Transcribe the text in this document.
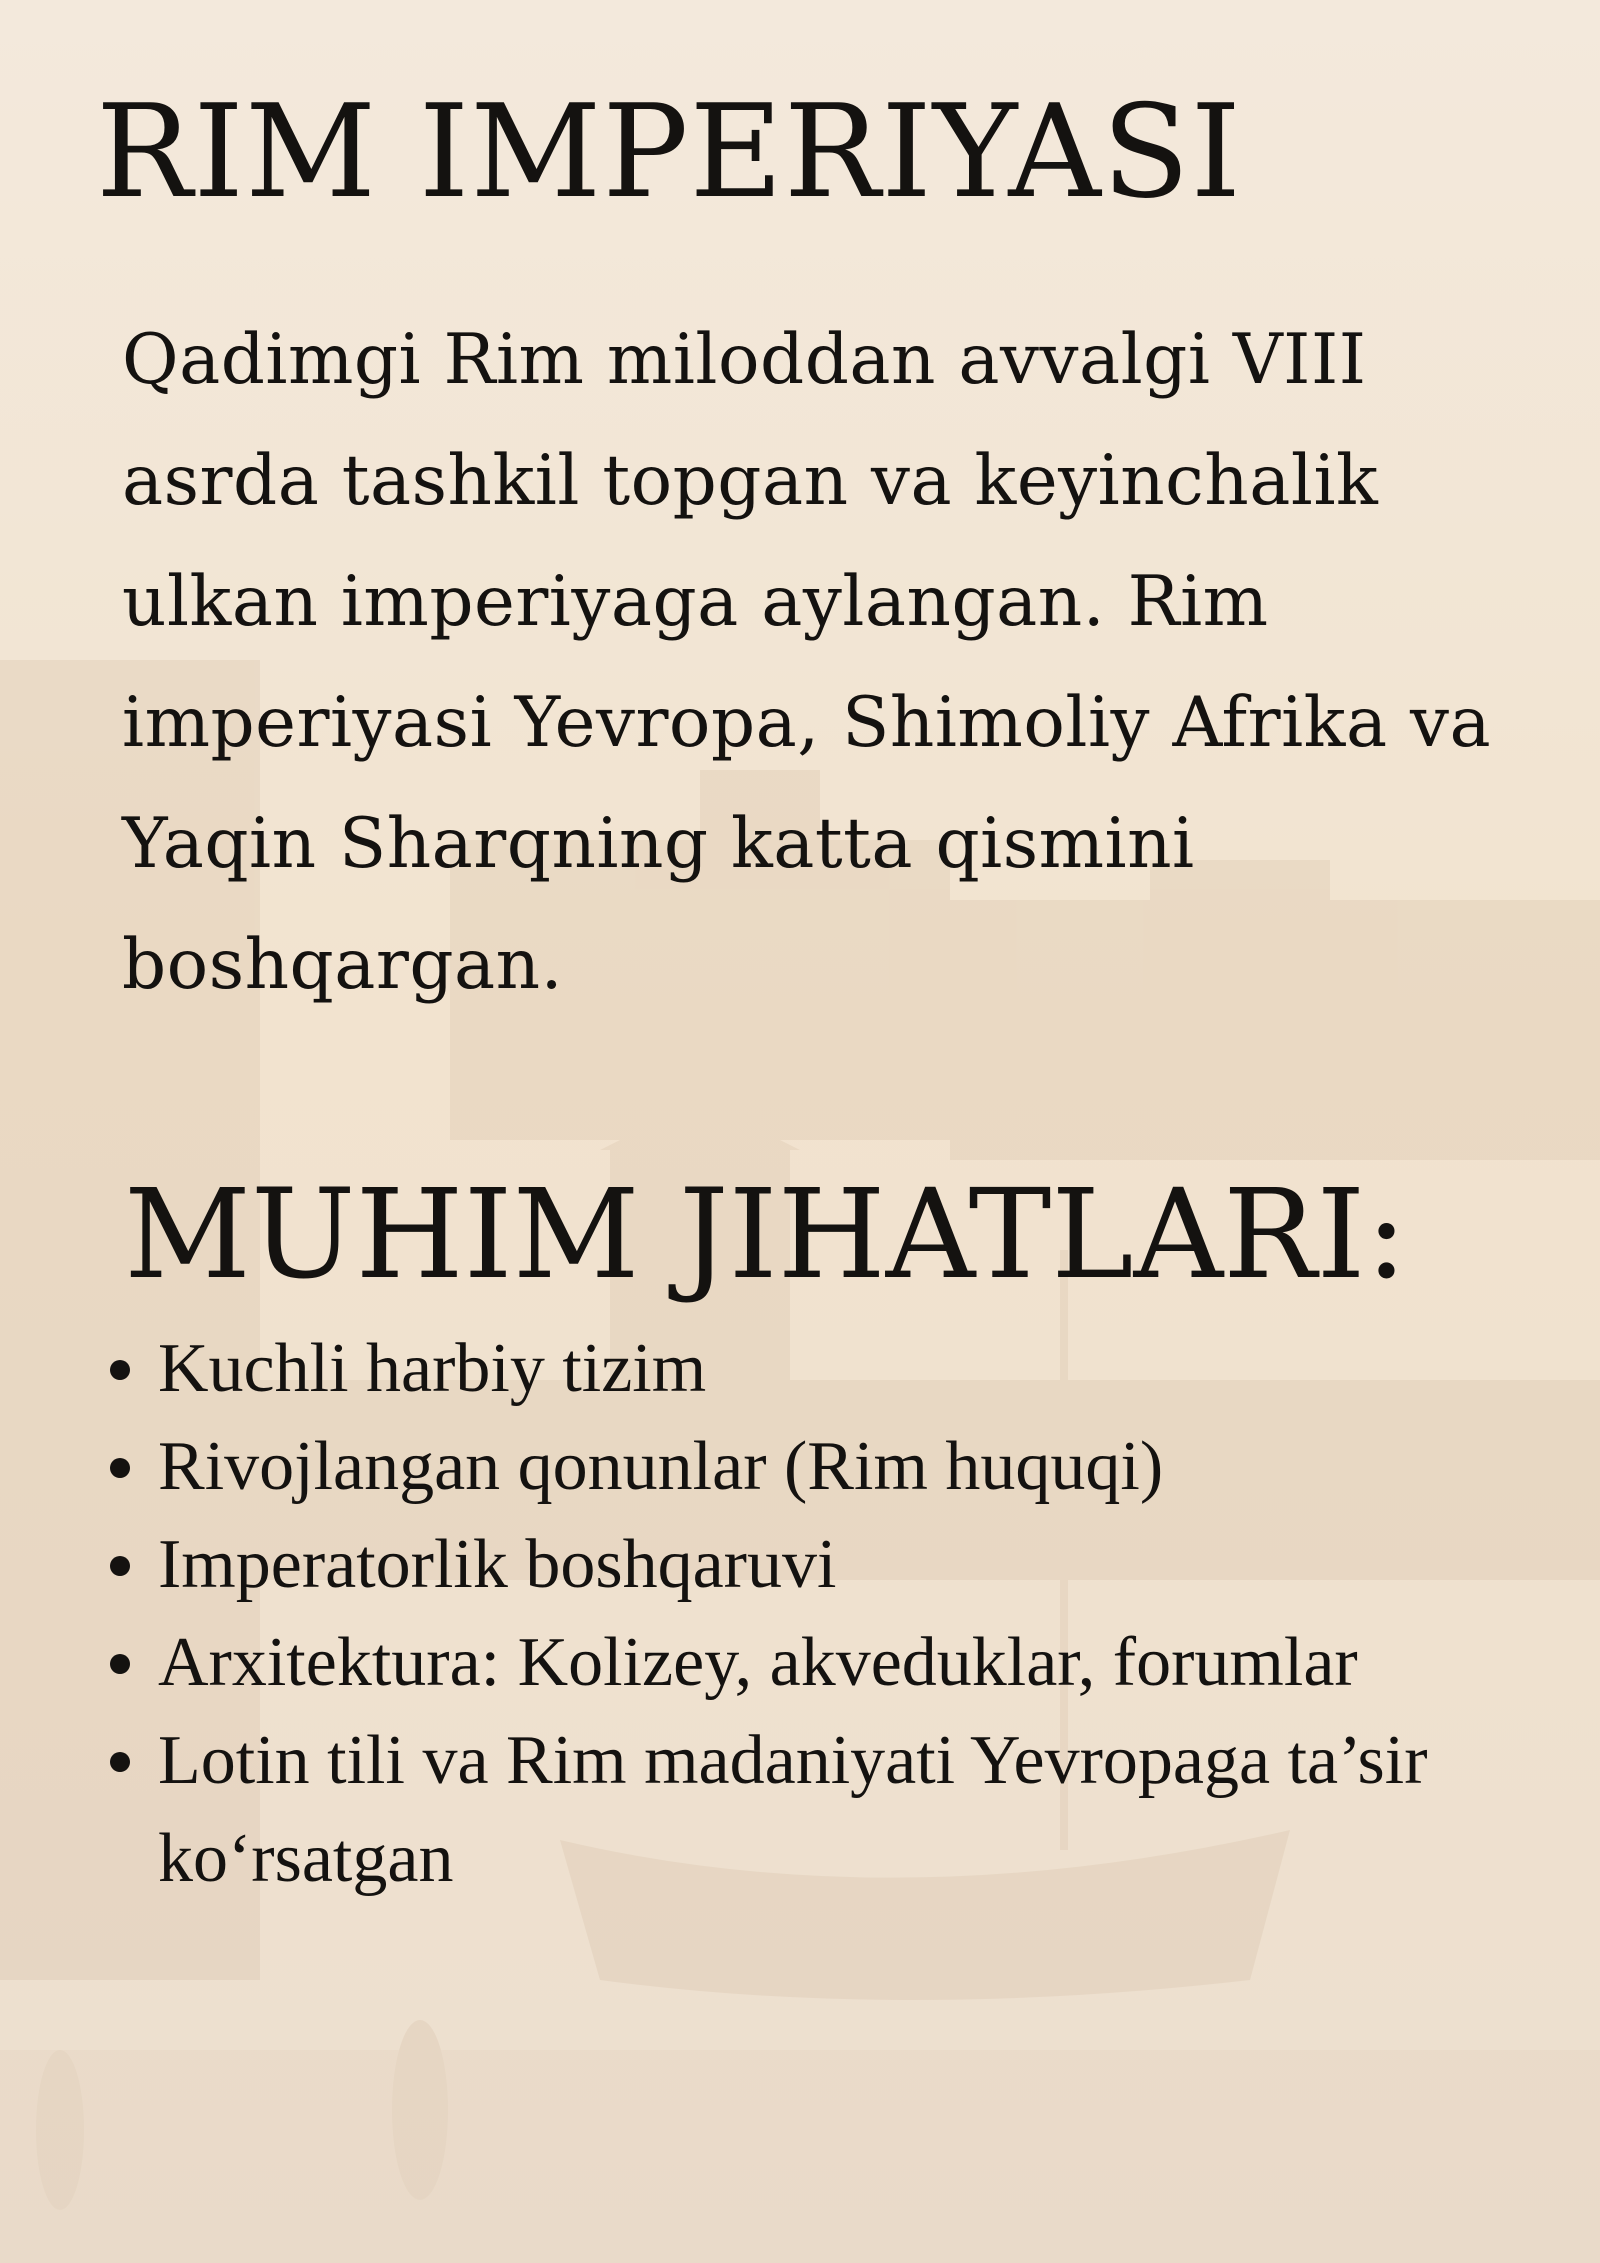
RIM IMPERIYASI

Qadimgi Rim miloddan avvalgi VIII asrda tashkil topgan va keyinchalik ulkan imperiyaga aylangan. Rim imperiyasi Yevropa, Shimoliy Afrika va Yaqin Sharqning katta qismini boshqargan.

MUHIM JIHATLARI:
Kuchli harbiy tizim
Rivojlangan qonunlar (Rim huquqi)
Imperatorlik boshqaruvi
Arxitektura: Kolizey, akveduklar, forumlar
Lotin tili va Rim madaniyati Yevropaga ta’sir ko‘rsatgan
